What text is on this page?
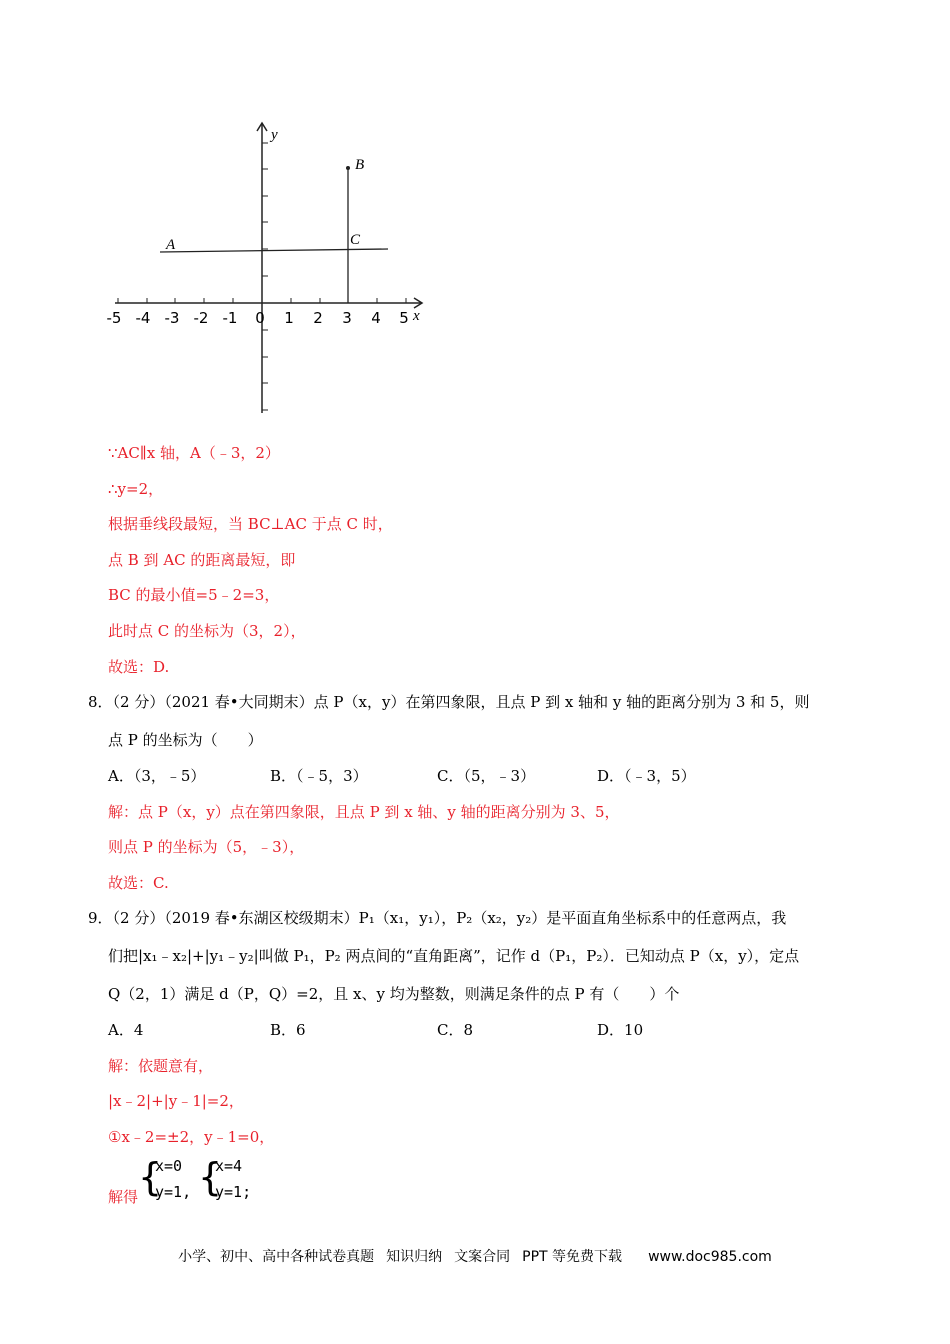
y
x
B
C
A
-5 -4 -3 -2 -1 0 1 2 3 4 5
∵AC∥x 轴，A（﹣3，2）
∴y=2，
根据垂线段最短，当 BC⊥AC 于点 C 时，
点 B 到 AC 的距离最短，即
BC 的最小值=5﹣2=3，
此时点 C 的坐标为（3，2），
故选：D.
8．（2 分）（2021 春•大同期末）点 P（x，y）在第四象限，且点 P 到 x 轴和 y 轴的距离分别为 3 和 5，则
点 P 的坐标为（　　）
A．（3，﹣5）	B．（﹣5，3）	C．（5，﹣3）	D．（﹣3，5）
解：点 P（x，y）点在第四象限，且点 P 到 x 轴、y 轴的距离分别为 3、5，
则点 P 的坐标为（5，﹣3），
故选：C.
9．（2 分）（2019 春•东湖区校级期末）P₁（x₁，y₁），P₂（x₂，y₂）是平面直角坐标系中的任意两点，我
们把|x₁﹣x₂|+|y₁﹣y₂|叫做 P₁，P₂ 两点间的“直角距离”，记作 d（P₁，P₂）．已知动点 P（x，y），定点
Q（2，1）满足 d（P，Q）=2，且 x、y 均为整数，则满足条件的点 P 有（　　）个
A．4	B．6	C．8	D．10
解：依题意有，
|x﹣2|+|y﹣1|=2，
①x﹣2=±2，y﹣1=0，
解得 {
x=0
y=1, {
x=4
y=1;
小学、初中、高中各种试卷真题 知识归纳 文案合同 PPT 等免费下载 www.doc985.com
